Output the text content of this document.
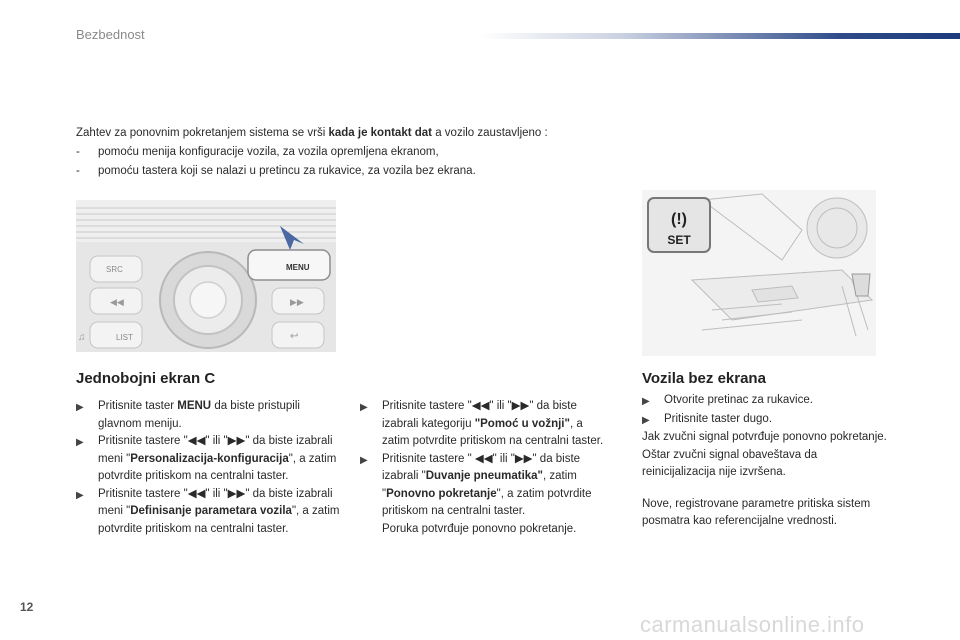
Bezbednost
Zahtev za ponovnim pokretanjem sistema se vrši kada je kontakt dat a vozilo zaustavljeno :
-	pomoću menija konfiguracije vozila, za vozila opremljena ekranom,
-	pomoću tastera koji se nalazi u pretincu za rukavice, za vozila bez ekrana.
SRC
◀◀
LIST
MENU
▶▶
↩
♫
(!)
SET
Jednobojni ekran C	Vozila bez ekrana
▶	Pritisnite taster MENU da biste pristupili glavnom meniju.
▶	Pritisnite tastere "◀◀" ili "▶▶" da biste izabrali meni "Personalizacija-konfiguracija", a zatim potvrdite pritiskom na centralni taster.
▶	Pritisnite tastere "◀◀" ili "▶▶" da biste izabrali meni "Definisanje parametara vozila", a zatim potvrdite pritiskom na centralni taster.
▶	Pritisnite tastere "◀◀" ili "▶▶" da biste izabrali kategoriju "Pomoć u vožnji", a zatim potvrdite pritiskom na centralni taster.
▶	Pritisnite tastere " ◀◀" ili "▶▶" da biste izabrali "Duvanje pneumatika", zatim "Ponovno pokretanje", a zatim potvrdite pritiskom na centralni taster.
Poruka potvrđuje ponovno pokretanje.
▶	Otvorite pretinac za rukavice.
▶	Pritisnite taster dugo.
Jak zvučni signal potvrđuje ponovno pokretanje.
Oštar zvučni signal obaveštava da reinicijalizacija nije izvršena.
Nove, registrovane parametre pritiska sistem posmatra kao referencijalne vrednosti.
12
carmanualsonline.info
